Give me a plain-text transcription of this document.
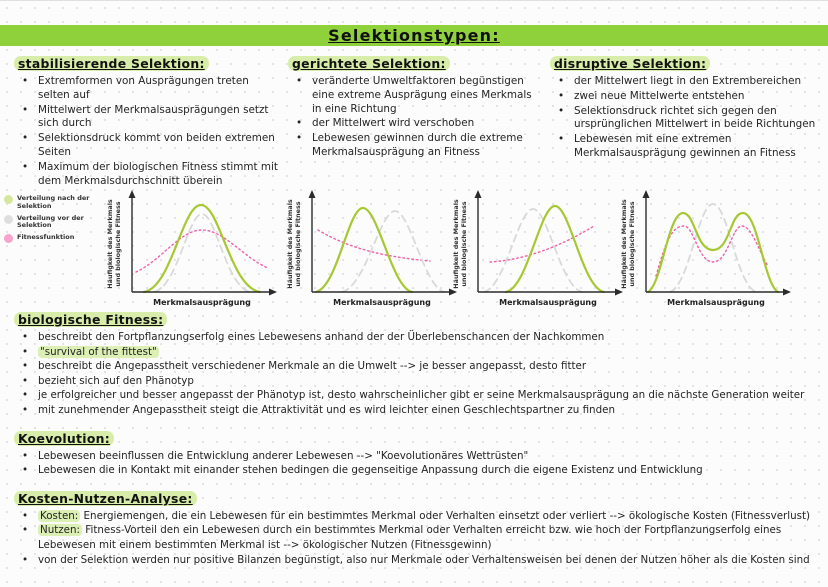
Selektionstypen:
stabilisierende Selektion:
• Extremformen von Ausprägungen treten selten auf
• Mittelwert der Merkmalsausprägungen setzt sich durch
• Selektionsdruck kommt von beiden extremen Seiten
• Maximum der biologischen Fitness stimmt mit dem Merkmalsdurchschnitt überein
gerichtete Selektion:
• veränderte Umweltfaktoren begünstigen eine extreme Ausprägung eines Merkmals in eine Richtung
• der Mittelwert wird verschoben
• Lebewesen gewinnen durch die extreme Merkmalsausprägung an Fitness
disruptive Selektion:
• der Mittelwert liegt in den Extrembereichen
• zwei neue Mittelwerte entstehen
• Selektionsdruck richtet sich gegen den ursprünglichen Mittelwert in beide Richtungen
• Lebewesen mit eine extremen Merkmalsausprägung gewinnen an Fitness
Verteilung nach der Selektion
Verteilung vor der Selektion
Fitnessfunktion	Häufigkeit des Merkmals und biologische Fitness
Merkmalsausprägung
Häufigkeit des Merkmals und biologische Fitness
Merkmalsausprägung
Häufigkeit des Merkmals und biologische Fitness
Merkmalsausprägung
Häufigkeit des Merkmals und biologische Fitness
Merkmalsausprägung
biologische Fitness:
• beschreibt den Fortpflanzungserfolg eines Lebewesens anhand der der Überlebenschancen der Nachkommen
• "survival of the fittest"
• beschreibt die Angepasstheit verschiedener Merkmale an die Umwelt --> je besser angepasst, desto fitter
• bezieht sich auf den Phänotyp
• je erfolgreicher und besser angepasst der Phänotyp ist, desto wahrscheinlicher gibt er seine Merkmalsausprägung an die nächste Generation weiter
• mit zunehmender Angepasstheit steigt die Attraktivität und es wird leichter einen Geschlechtspartner zu finden
Koevolution:
• Lebewesen beeinflussen die Entwicklung anderer Lebewesen --> "Koevolutionäres Wettrüsten"
• Lebewesen die in Kontakt mit einander stehen bedingen die gegenseitige Anpassung durch die eigene Existenz und Entwicklung
Kosten-Nutzen-Analyse:
• Kosten: Energiemengen, die ein Lebewesen für ein bestimmtes Merkmal oder Verhalten einsetzt oder verliert --> ökologische Kosten (Fitnessverlust)
• Nutzen: Fitness-Vorteil den ein Lebewesen durch ein bestimmtes Merkmal oder Verhalten erreicht bzw. wie hoch der Fortpflanzungserfolg eines Lebewesen mit einem bestimmten Merkmal ist --> ökologischer Nutzen (Fitnessgewinn)
• von der Selektion werden nur positive Bilanzen begünstigt, also nur Merkmale oder Verhaltensweisen bei denen der Nutzen höher als die Kosten sind
